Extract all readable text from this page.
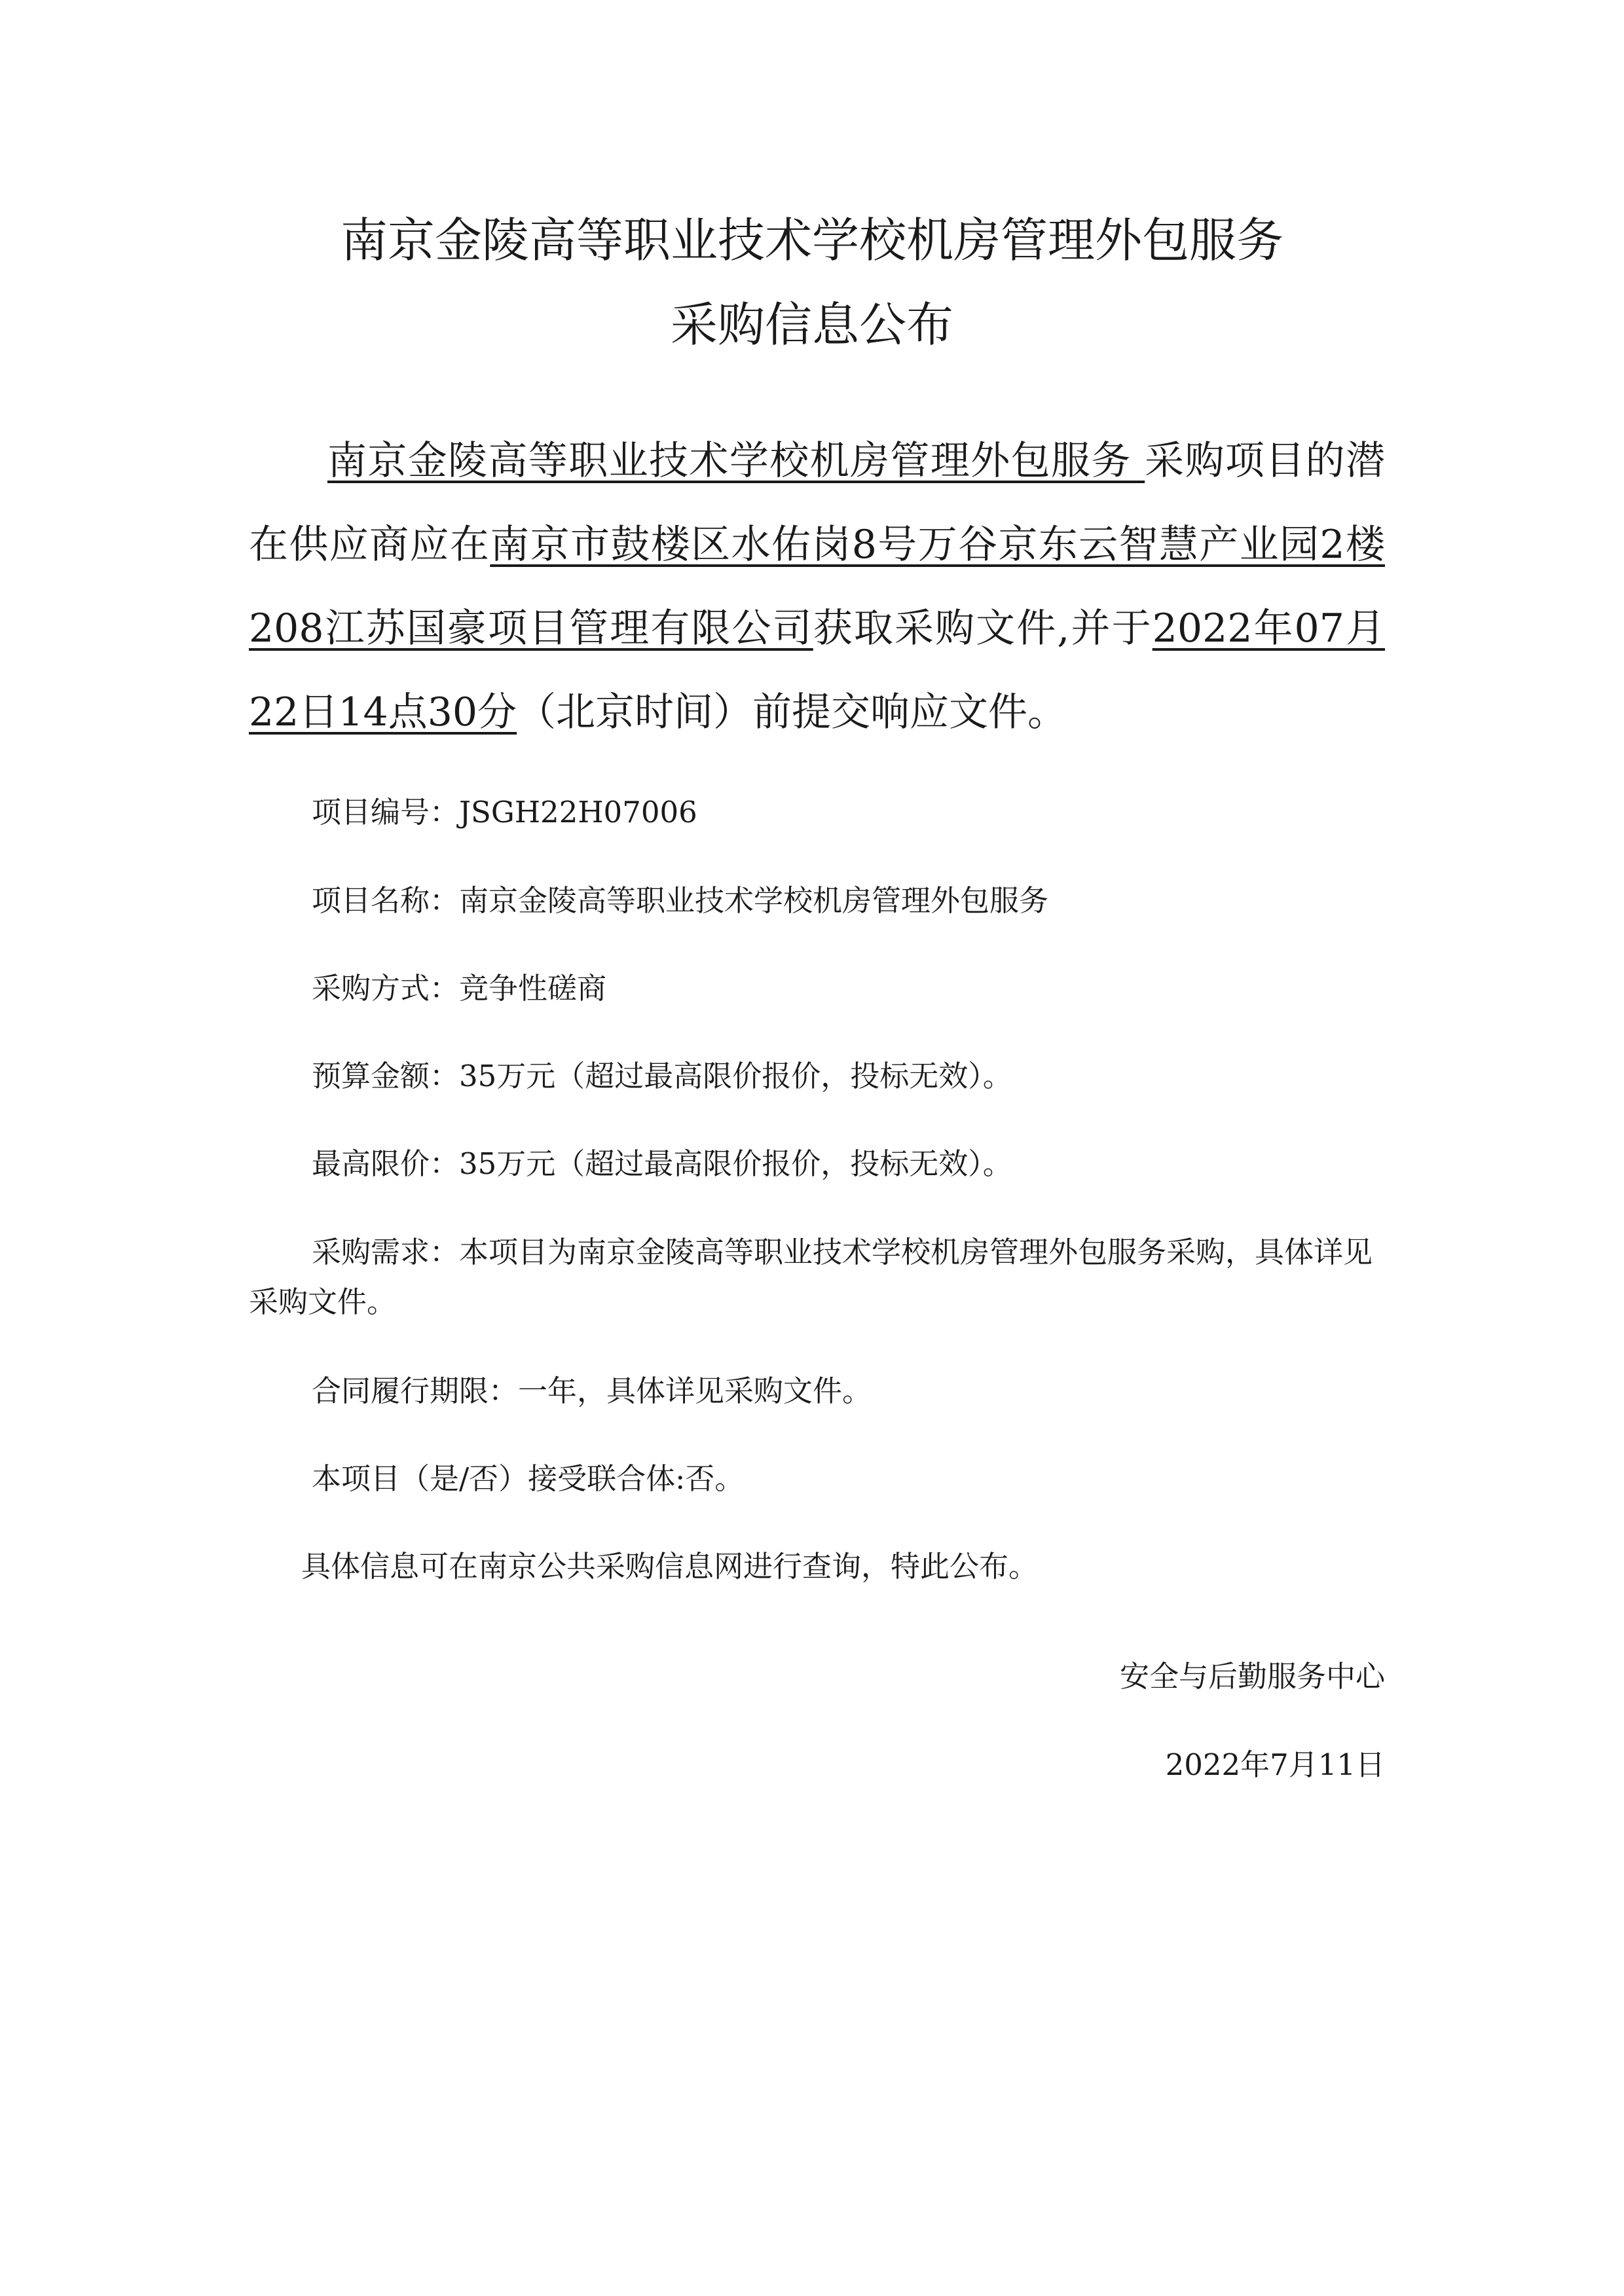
南京金陵高等职业技术学校机房管理外包服务
采购信息公布
南京金陵高等职业技术学校机房管理外包服务 采购项目的潜在供应商应在南京市鼓楼区水佑岗8号万谷京东云智慧产业园2楼208江苏国豪项目管理有限公司获取采购文件,并于2022年07月22日14点30分（北京时间）前提交响应文件。
项目编号：JSGH22H07006
项目名称：南京金陵高等职业技术学校机房管理外包服务
采购方式：竞争性磋商
预算金额：35万元（超过最高限价报价，投标无效）。
最高限价：35万元（超过最高限价报价，投标无效）。
采购需求：本项目为南京金陵高等职业技术学校机房管理外包服务采购，具体详见采购文件。
合同履行期限：一年，具体详见采购文件。
本项目（是/否）接受联合体:否。
具体信息可在南京公共采购信息网进行查询，特此公布。
安全与后勤服务中心
2022年7月11日
